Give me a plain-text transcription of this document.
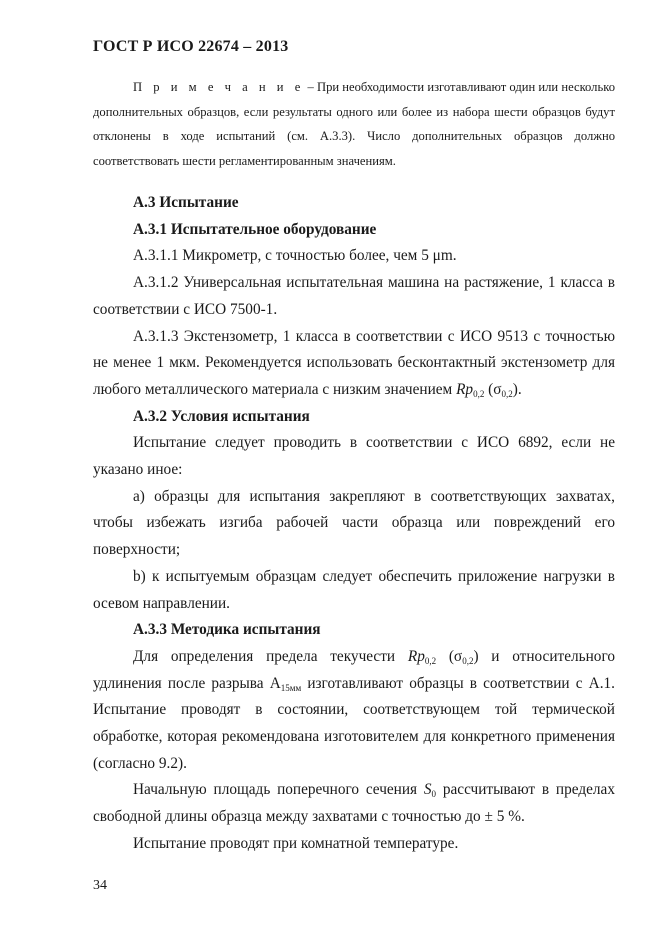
ГОСТ Р ИСО 22674 – 2013

П р и м е ч а н и е – При необходимости изготавливают один или несколько дополнительных образцов, если результаты одного или более из набора шести образцов будут отклонены в ходе испытаний (см. А.3.3). Число дополнительных образцов должно соответствовать шести регламентированным значениям.

А.3 Испытание

А.3.1 Испытательное оборудование

А.3.1.1 Микрометр, с точностью более, чем 5 μm.

А.3.1.2 Универсальная испытательная машина на растяжение, 1 класса в соответствии с ИСО 7500-1.

А.3.1.3 Экстензометр, 1 класса в соответствии с ИСО 9513 с точностью не менее 1 мкм. Рекомендуется использовать бесконтактный экстензометр для любого металлического материала с низким значением $Rp_{0,2}$ $(\sigma_{0,2})$.

А.3.2 Условия испытания

Испытание следует проводить в соответствии с ИСО 6892, если не указано иное:

а) образцы для испытания закрепляют в соответствующих захватах, чтобы избежать изгиба рабочей части образца или повреждений его поверхности;

b) к испытуемым образцам следует обеспечить приложение нагрузки в осевом направлении.

А.3.3 Методика испытания

Для определения предела текучести $Rp_{0,2}$ $(\sigma_{0,2})$ и относительного удлинения после разрыва $А_{15мм}$ изготавливают образцы в соответствии с А.1. Испытание проводят в состоянии, соответствующем той термической обработке, которая рекомендована изготовителем для конкретного применения (согласно 9.2).

Начальную площадь поперечного сечения $S_0$ рассчитывают в пределах свободной длины образца между захватами с точностью до ± 5 %.

Испытание проводят при комнатной температуре.

34
